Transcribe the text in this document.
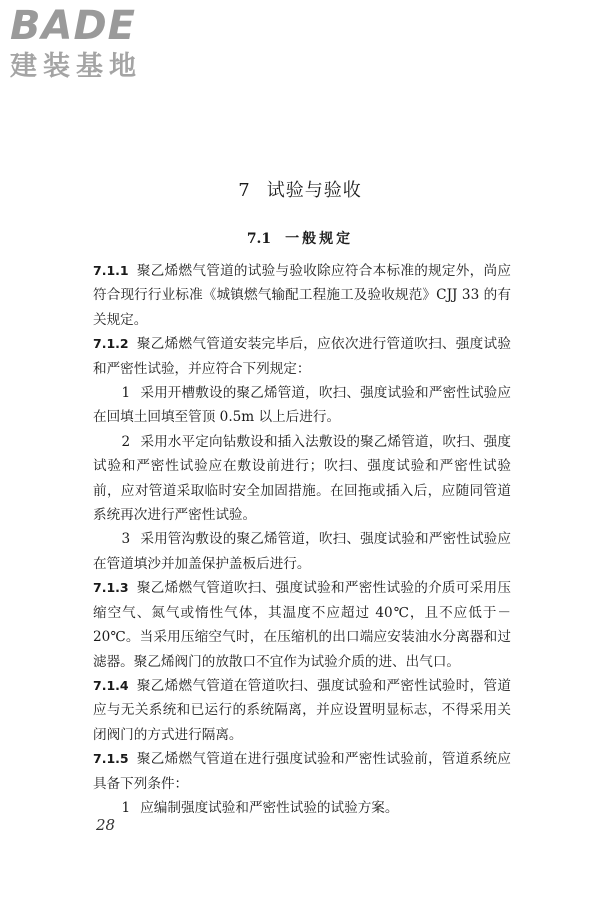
BADE
建装基地
7 试验与验收
7.1 一般规定

7.1.1 聚乙烯燃气管道的试验与验收除应符合本标准的规定外，尚应符合现行行业标准《城镇燃气输配工程施工及验收规范》CJJ 33 的有关规定。

7.1.2 聚乙烯燃气管道安装完毕后，应依次进行管道吹扫、强度试验和严密性试验，并应符合下列规定：

1 采用开槽敷设的聚乙烯管道，吹扫、强度试验和严密性试验应在回填土回填至管顶 0.5m 以上后进行。

2 采用水平定向钻敷设和插入法敷设的聚乙烯管道，吹扫、强度试验和严密性试验应在敷设前进行；吹扫、强度试验和严密性试验前，应对管道采取临时安全加固措施。在回拖或插入后，应随同管道系统再次进行严密性试验。

3 采用管沟敷设的聚乙烯管道，吹扫、强度试验和严密性试验应在管道填沙并加盖保护盖板后进行。

7.1.3 聚乙烯燃气管道吹扫、强度试验和严密性试验的介质可采用压缩空气、氮气或惰性气体，其温度不应超过 40℃，且不应低于－20℃。当采用压缩空气时，在压缩机的出口端应安装油水分离器和过滤器。聚乙烯阀门的放散口不宜作为试验介质的进、出气口。

7.1.4 聚乙烯燃气管道在管道吹扫、强度试验和严密性试验时，管道应与无关系统和已运行的系统隔离，并应设置明显标志，不得采用关闭阀门的方式进行隔离。

7.1.5 聚乙烯燃气管道在进行强度试验和严密性试验前，管道系统应具备下列条件：

1 应编制强度试验和严密性试验的试验方案。

28
